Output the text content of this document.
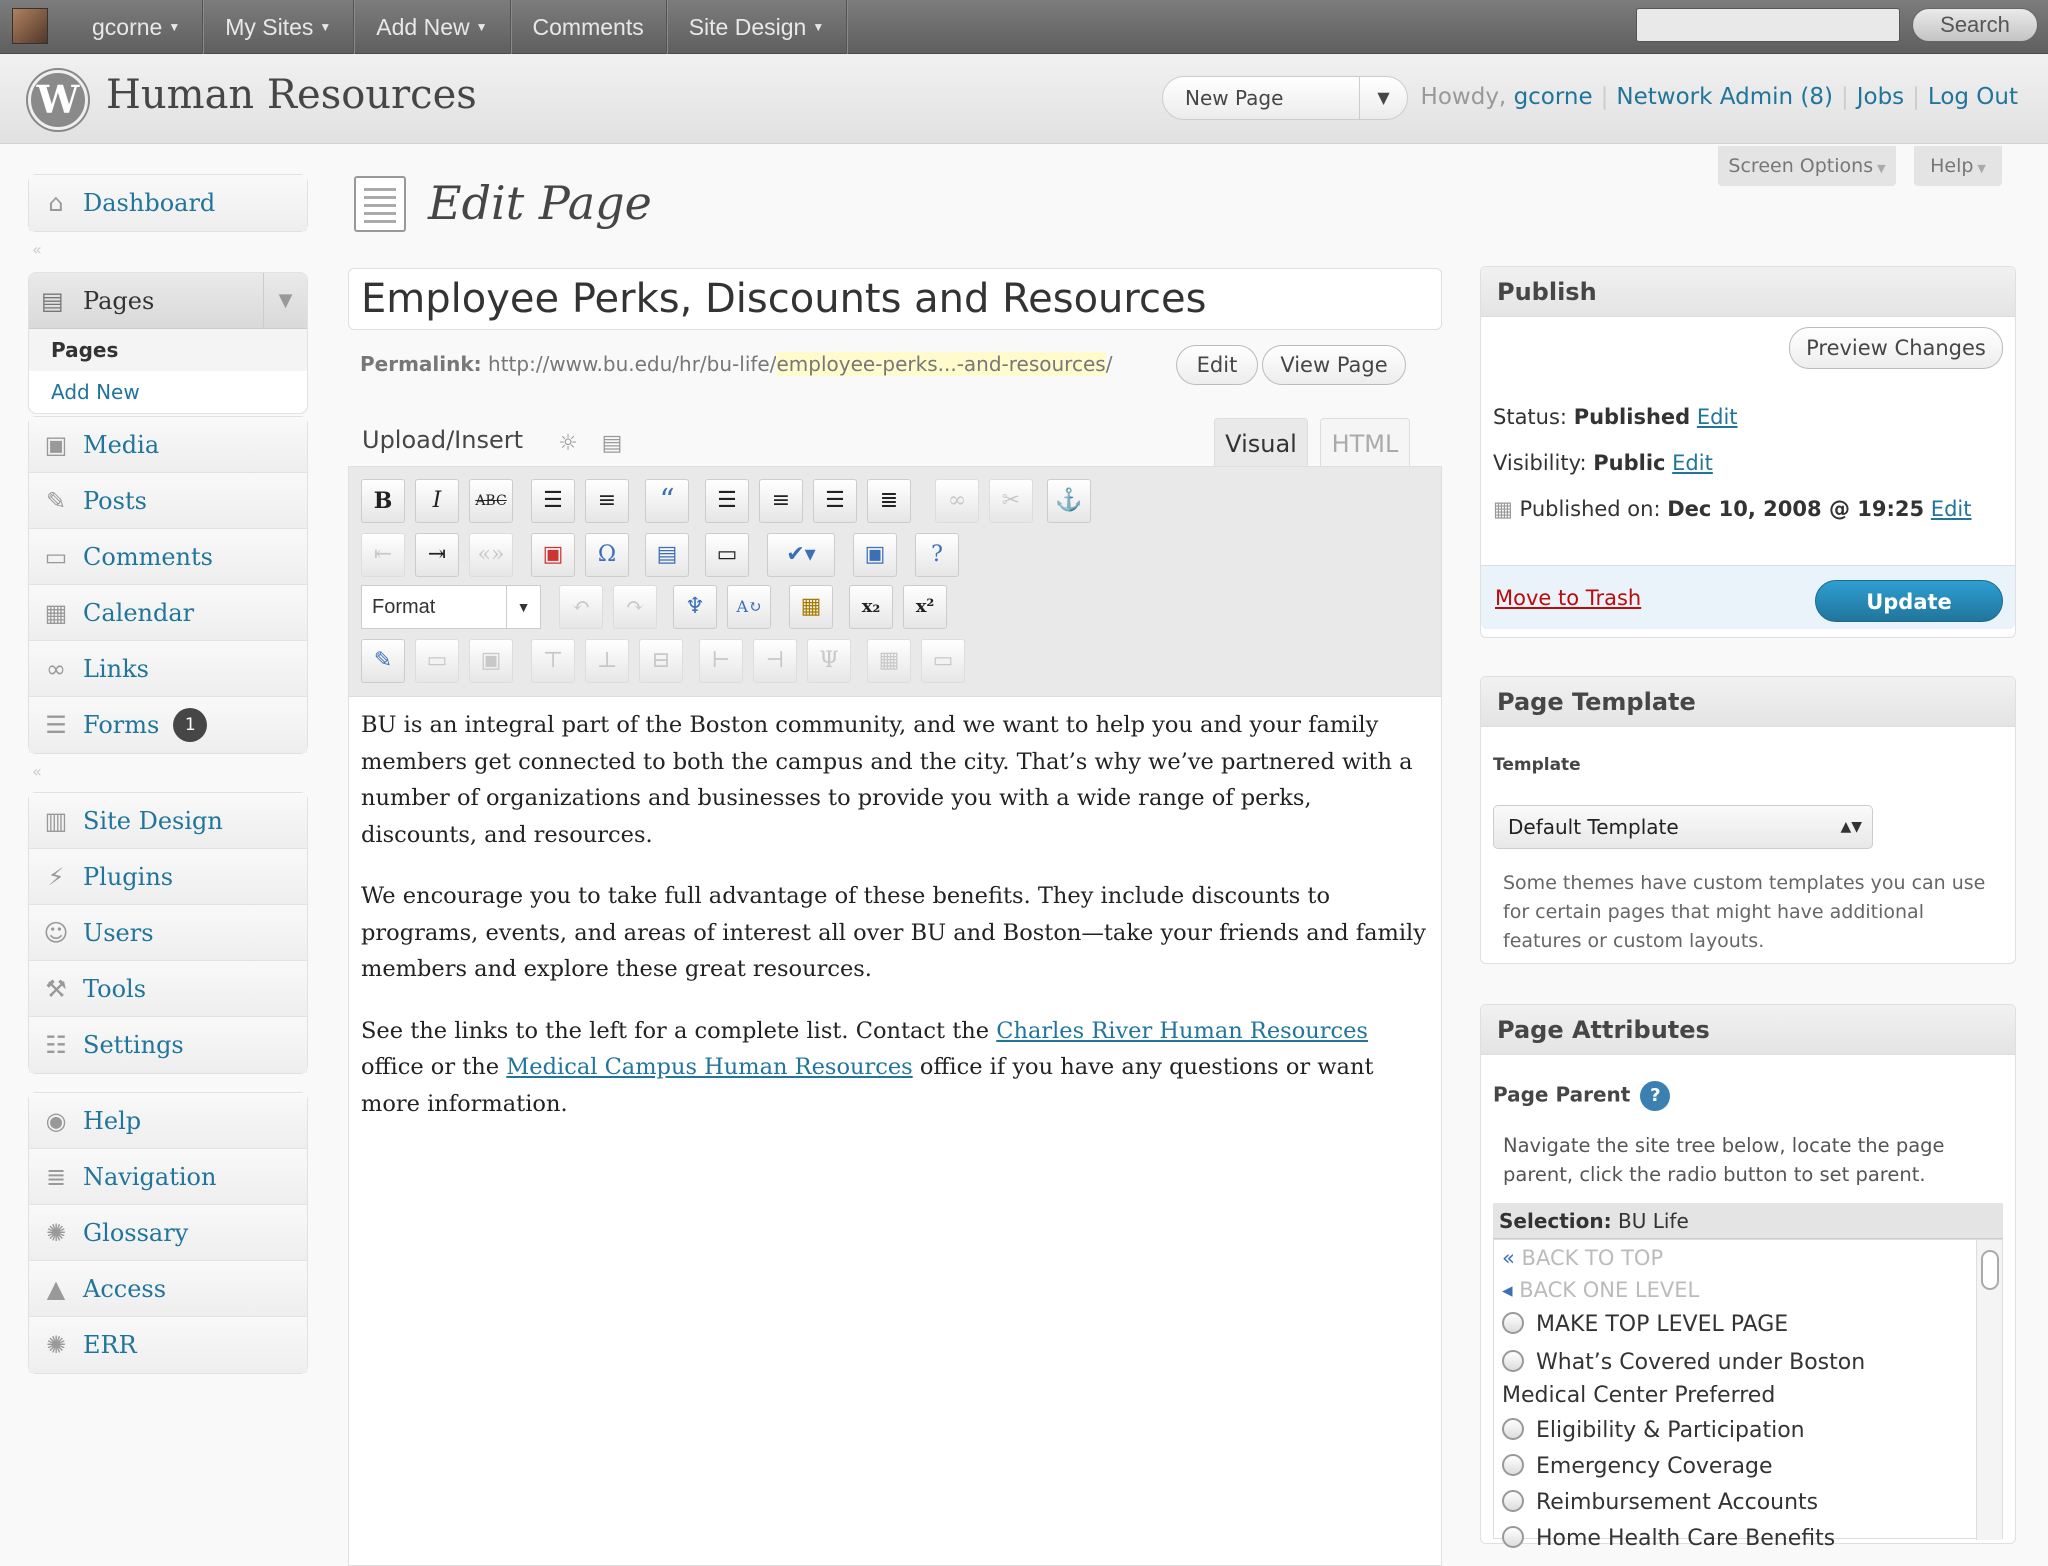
gcorne ▼	My Sites ▼	Add New ▼	Comments	Site Design ▼	Search
W Human Resources	New Page	▼	Howdy, gcorne | Network Admin (8) | Jobs | Log Out
Screen Options ▼	Help ▼
⌂ Dashboard
«
▤ Pages	▼
Pages
Add New
▣ Media
✎ Posts
▭ Comments
▦ Calendar
∞ Links
☰ Forms	1
«
▥ Site Design
⚡ Plugins
☺ Users
⚒ Tools
☷ Settings
◉ Help
≣ Navigation
✺ Glossary
▲ Access
✺ ERR
Edit Page
Employee Perks, Discounts and Resources
Permalink: http://www.bu.edu/hr/bu-life/employee-perks...-and-resources/	Edit	View Page
Upload/Insert ☼ ▤	Visual	HTML
B	I	ABC	☰	≡	“	☰	≡	☰	≣	∞	✂	⚓
⇤	⇥	«»	▣	Ω	▤	▭	✔▾	▣	?
Format	▼	↶	↷	♆	A↻	▦	x₂	x²
✎	▭	▣	⊤	⊥	⊟	⊢	⊣	Ψ	▦	▭

BU is an integral part of the Boston community, and we want to help you and your family members get connected to both the campus and the city. That’s why we’ve partnered with a number of organizations and businesses to provide you with a wide range of perks, discounts, and resources.

We encourage you to take full advantage of these benefits. They include discounts to programs, events, and areas of interest all over BU and Boston—take your friends and family members and explore these great resources.

See the links to the left for a complete list. Contact the Charles River Human Resources office or the Medical Campus Human Resources office if you have any questions or want more information.

Publish
Preview Changes
Status: Published Edit
Visibility: Public Edit
▦ Published on: Dec 10, 2008 @ 19:25 Edit
Move to Trash	Update
Page Template
Template
Default Template	▲▼
Some themes have custom templates you can use for certain pages that might have additional features or custom layouts.
Page Attributes
Page Parent ?
Navigate the site tree below, locate the page parent, click the radio button to set parent.
Selection: BU Life
« BACK TO TOP
◂ BACK ONE LEVEL
MAKE TOP LEVEL PAGE
What’s Covered under Boston Medical Center Preferred
Eligibility & Participation
Emergency Coverage
Reimbursement Accounts
Home Health Care Benefits
